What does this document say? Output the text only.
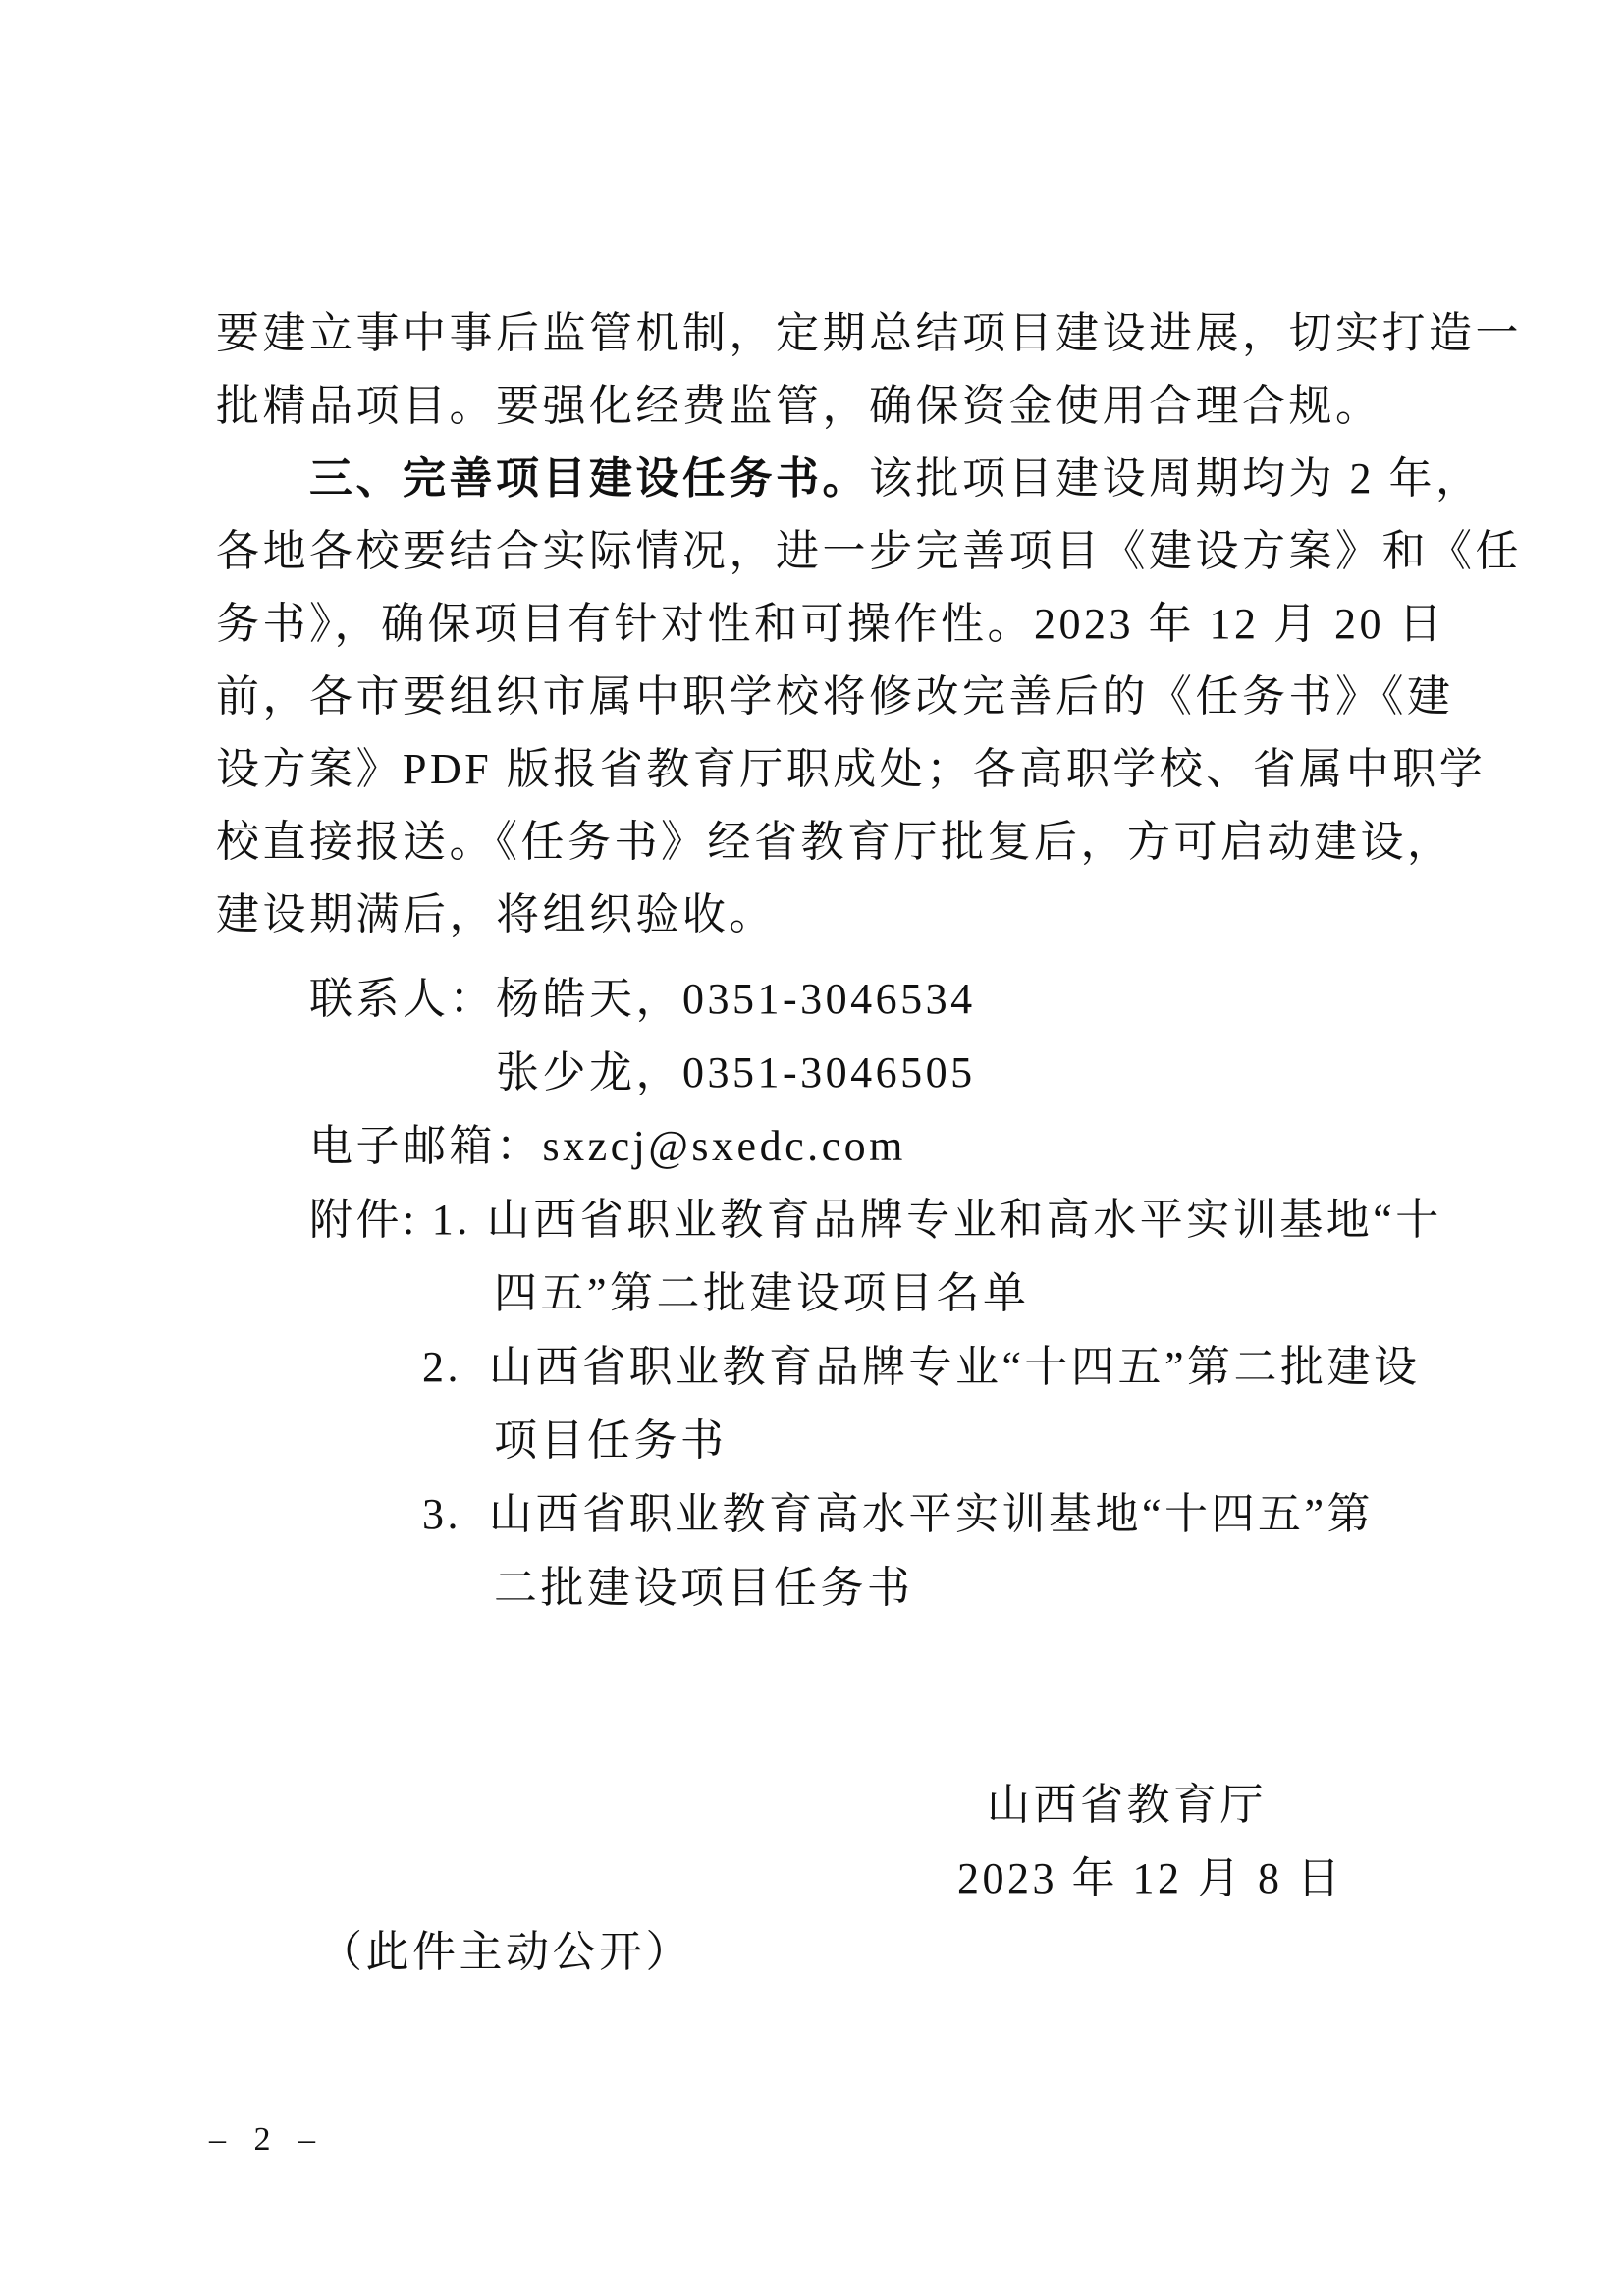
要建立事中事后监管机制，定期总结项目建设进展，切实打造一

批精品项目。要强化经费监管，确保资金使用合理合规。

三、完善项目建设任务书。该批项目建设周期均为 2 年，

各地各校要结合实际情况，进一步完善项目《建设方案》和《任

务书》，确保项目有针对性和可操作性。2023 年 12 月 20 日

前，各市要组织市属中职学校将修改完善后的《任务书》《建

设方案》PDF 版报省教育厅职成处；各高职学校、省属中职学

校直接报送。《任务书》经省教育厅批复后，方可启动建设，

建设期满后，将组织验收。

联系人：杨皓天，0351-3046534

张少龙，0351-3046505

电子邮箱：sxzcj@sxedc.com

附件: 1. 山西省职业教育品牌专业和高水平实训基地“十

四五”第二批建设项目名单

2. 山西省职业教育品牌专业“十四五”第二批建设

项目任务书

3. 山西省职业教育高水平实训基地“十四五”第

二批建设项目任务书

山西省教育厅

2023 年 12 月 8 日

（此件主动公开）

– 2 –
